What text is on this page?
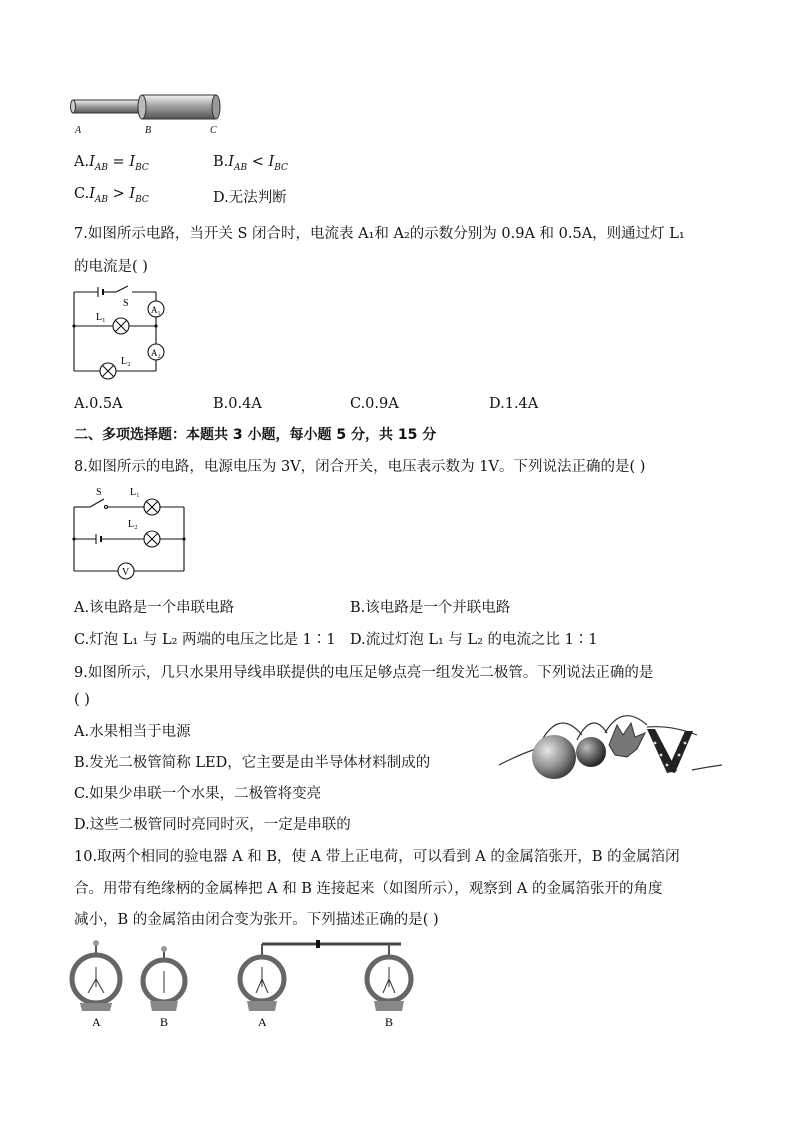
A	B	C
$A.I_{AB} = I_{BC}$	$B.I_{AB} < I_{BC}$
$C.I_{AB} > I_{BC}$	D.无法判断
7.如图所示电路，当开关 S 闭合时，电流表 A₁和 A₂的示数分别为 0.9A 和 0.5A，则通过灯 L₁
的电流是( )
S
A₁
A₂
L₁
L₂
A.0.5A	B.0.4A	C.0.9A	D.1.4A
二、多项选择题：本题共 3 小题，每小题 5 分，共 15 分
8.如图所示的电路，电源电压为 3V，闭合开关，电压表示数为 1V。下列说法正确的是( )
S	L₁
L₂
V
A.该电路是一个串联电路	B.该电路是一个并联电路
C.灯泡 L₁ 与 L₂ 两端的电压之比是 1∶1 D.流过灯泡 L₁ 与 L₂ 的电流之比 1∶1
9.如图所示，几只水果用导线串联提供的电压足够点亮一组发光二极管。下列说法正确的是
( )
A.水果相当于电源
B.发光二极管简称 LED，它主要是由半导体材料制成的
C.如果少串联一个水果，二极管将变亮
D.这些二极管同时亮同时灭，一定是串联的
10.取两个相同的验电器 A 和 B，使 A 带上正电荷，可以看到 A 的金属箔张开，B 的金属箔闭
合。用带有绝缘柄的金属棒把 A 和 B 连接起来（如图所示），观察到 A 的金属箔张开的角度
减小，B 的金属箔由闭合变为张开。下列描述正确的是( )
A	B	A	B
